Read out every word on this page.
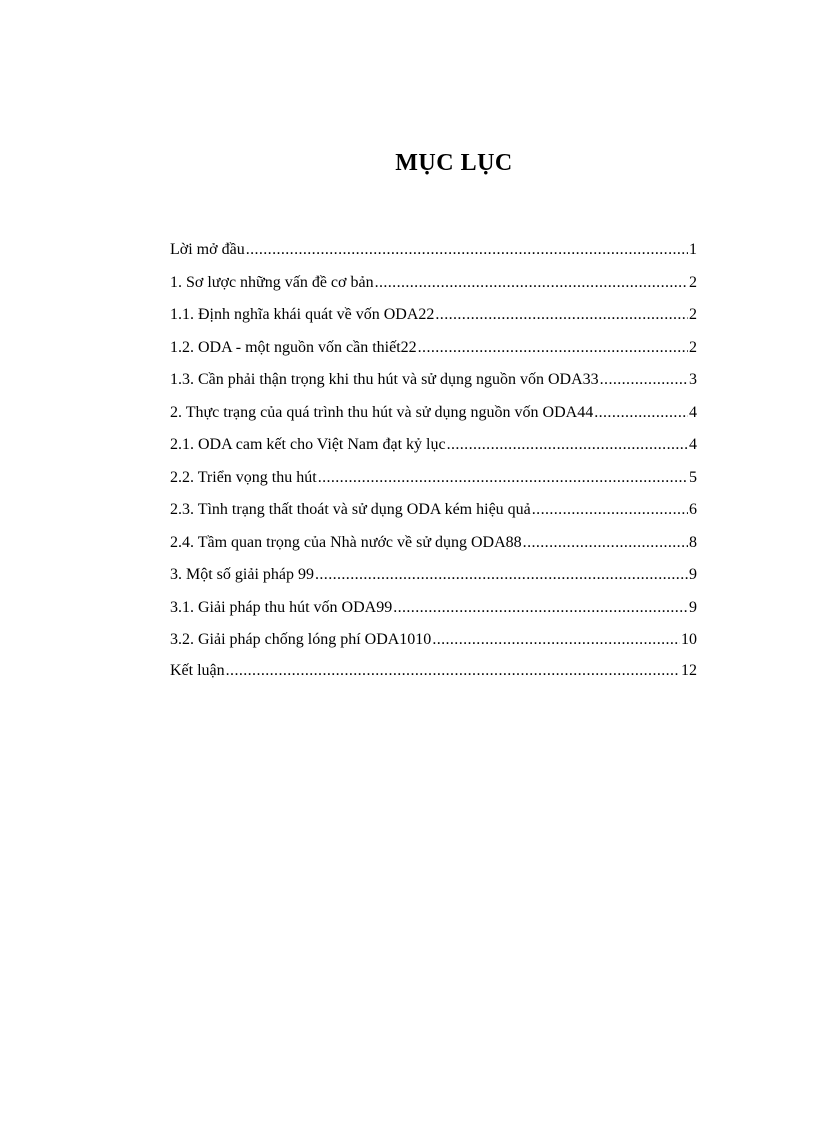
MỤC LỤC
Lời mở đầu .....	1
1. Sơ lược những vấn đề cơ bản .....	2
1.1. Định nghĩa khái quát về vốn ODA22 .....	2
1.2. ODA - một nguồn vốn cần thiết22 .....	2
1.3. Cần phải thận trọng khi thu hút và sử dụng nguồn vốn ODA33 .....	3
2. Thực trạng của quá trình thu hút và sử dụng nguồn vốn ODA44 .....	4
2.1. ODA cam kết cho Việt Nam đạt kỷ lục .....	4
2.2. Triển vọng thu hút .....	5
2.3. Tình trạng thất thoát và sử dụng ODA kém hiệu quả .....	6
2.4. Tầm quan trọng của Nhà nước về sử dụng ODA88 .....	8
3. Một số giải pháp 99 .....	9
3.1. Giải pháp thu hút vốn ODA99 .....	9
3.2. Giải pháp chống lóng phí ODA1010 .....	10
Kết luận .....	12
